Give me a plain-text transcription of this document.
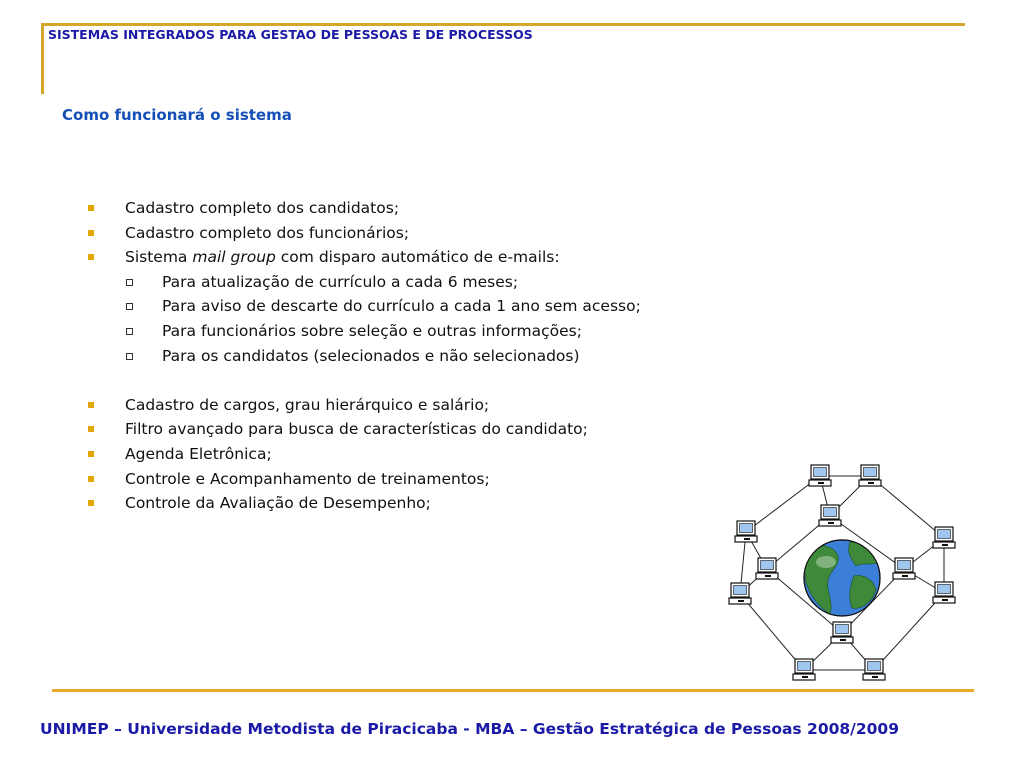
SISTEMAS INTEGRADOS PARA GESTAO DE PESSOAS E DE PROCESSOS
Como funcionará o sistema
Cadastro completo dos candidatos;
Cadastro completo dos funcionários;
Sistema mail group com disparo automático de e-mails:
Para atualização de currículo a cada 6 meses;
Para aviso de descarte do currículo a cada 1 ano sem acesso;
Para funcionários sobre seleção e outras informações;
Para os candidatos (selecionados e não selecionados)
Cadastro de cargos, grau hierárquico e salário;
Filtro avançado para busca de características do candidato;
Agenda Eletrônica;
Controle e Acompanhamento de treinamentos;
Controle da Avaliação de Desempenho;
UNIMEP – Universidade Metodista de Piracicaba - MBA – Gestão Estratégica de Pessoas 2008/2009
